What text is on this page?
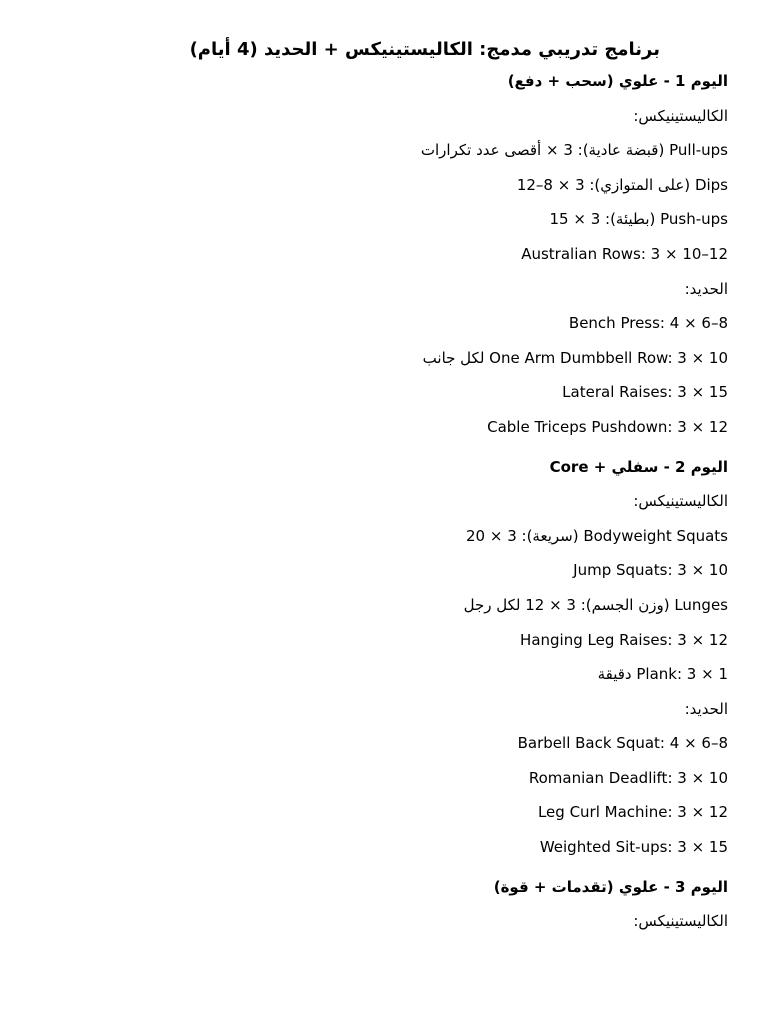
برنامج تدريبي مدمج: الكاليستينيكس + الحديد (4 أيام)
اليوم 1 - علوي (سحب + دفع)

الكاليستينيكس:

Pull-ups (قبضة عادية): 3 × أقصى عدد تكرارات
Dips (على المتوازي): 3 × 8–12
Push-ups (بطيئة): 3 × 15
Australian Rows: 3 × 10–12

الحديد:

Bench Press: 4 × 6–8
One Arm Dumbbell Row: 3 × 10 لكل جانب
Lateral Raises: 3 × 15
Cable Triceps Pushdown: 3 × 12
اليوم 2 - سفلي + Core

الكاليستينيكس:

Bodyweight Squats (سريعة): 3 × 20
Jump Squats: 3 × 10
Lunges (وزن الجسم): 3 × 12 لكل رجل
Hanging Leg Raises: 3 × 12
Plank: 3 × 1 دقيقة

الحديد:

Barbell Back Squat: 4 × 6–8
Romanian Deadlift: 3 × 10
Leg Curl Machine: 3 × 12
Weighted Sit-ups: 3 × 15
اليوم 3 - علوي (تقدمات + قوة)

الكاليستينيكس:
